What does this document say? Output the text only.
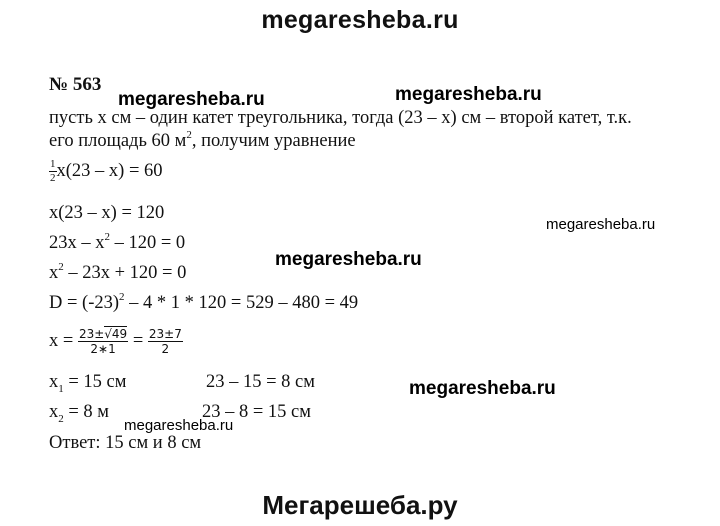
megaresheba.ru
№ 563
megaresheba.ru	megaresheba.ru
пусть х см – один катет треугольника, тогда (23 – х) см – второй катет, т.к.
его площадь 60 $м^2$, получим уравнение
$\frac{1}{2} x(23 - x) = 60$
x(23 – x) = 120
megaresheba.ru
$23x - x^2 - 120 = 0$
megaresheba.ru
$x^2 - 23x + 120 = 0$
$D = (-23)^2 - 4 * 1 * 120 = 529 - 480 = 49$
$x = \frac{23\pm√49}{2∗1} = \frac{23\pm 7}{2}$
$x_1 = 15$ см	23 – 15 = 8 см	megaresheba.ru
$x_2 = 8$ м	23 – 8 = 15 см
megaresheba.ru
Ответ: 15 см и 8 см
Мегарешеба.ру
